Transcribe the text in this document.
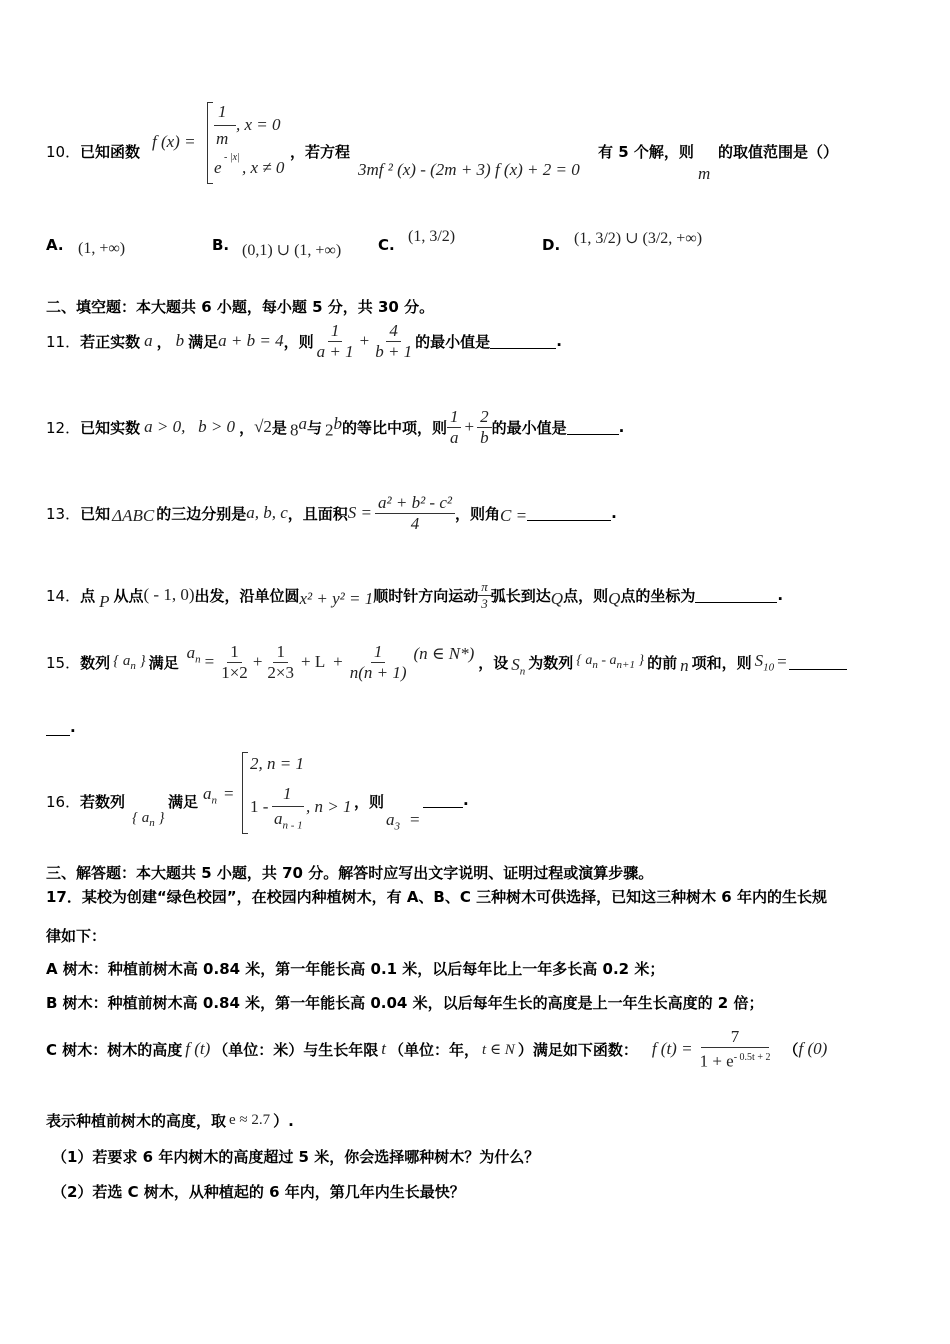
10． 已知函数
f (x) =
1
m
, x = 0
e
- |x|
, x ≠ 0
，若方程
3mf ² (x) - (2m + 3) f (x) + 2 = 0
有 5 个解，则 的取值范围是（）
m
A. (1, +∞)	B. (0,1) ∪ (1, +∞) C. (1, 3/2)	D. (1, 3/2) ∪ (3/2, +∞)
二、填空题：本大题共 6 小题，每小题 5 分，共 30 分。
11． 若正实数 a ， b 满足 a + b = 4 ，则 $\frac{1}{a + 1} + \frac{4}{b + 1}$ 的最小值是	.
12． 已知实数 a > 0,   b > 0 ， √2 是 8$^a$ 与 2$^b$ 的等比中项，则 $\frac{1}{a} + \frac{2}{b}$ 的最小值是	.
13． 已知 ΔABC 的三边分别是 a, b, c ，且面积 $S = \frac{\text{a² + b² - c²}}{4}$ ，则角 C =	.
14． 点 P 从点 ( - 1, 0) 出发，沿单位圆 x² + y² = 1 顺时针方向运动 $\frac{\pi}{3}$ 弧长到达 Q 点，则 Q 点的坐标为	.
15． 数列 { $a_n$ } 满足
$a_n = \frac{1}{1\times 2} + \frac{1}{2\times 3} + L + \frac{1}{n(n + 1)} (n$ ∈ N*) ，设 $S_n$ 为数列 { $a_n - a_{n+1}$ } 的前 n 项和，则 $S_{10}$ =
.
16． 若数列
{ $a_n$ }
满足 $a_n$ =
2, n = 1
1 -
1
$a_{n - 1}$
, n > 1 ，则
$a_3$ =
.
三、解答题：本大题共 5 小题，共 70 分。解答时应写出文字说明、证明过程或演算步骤。
17．某校为创建“绿色校园”，在校园内种植树木，有 A、B、C 三种树木可供选择，已知这三种树木 6 年内的生长规
律如下：
A 树木：种植前树木高 0.84 米，第一年能长高 0.1 米，以后每年比上一年多长高 0.2 米；
B 树木：种植前树木高 0.84 米，第一年能长高 0.04 米，以后每年生长的高度是上一年生长高度的 2 倍；
C 树木：树木的高度 f (t) （单位：米）与生长年限 t （单位：年， t ∈ N ）满足如下函数： f $(t) = \frac{7}{1 + e^{- 0.5t + 2}}$ （ f (0)
表示种植前树木的高度，取 e ≈ 2.7 ）.
（1）若要求 6 年内树木的高度超过 5 米，你会选择哪种树木？为什么？
（2）若选 C 树木，从种植起的 6 年内，第几年内生长最快？
